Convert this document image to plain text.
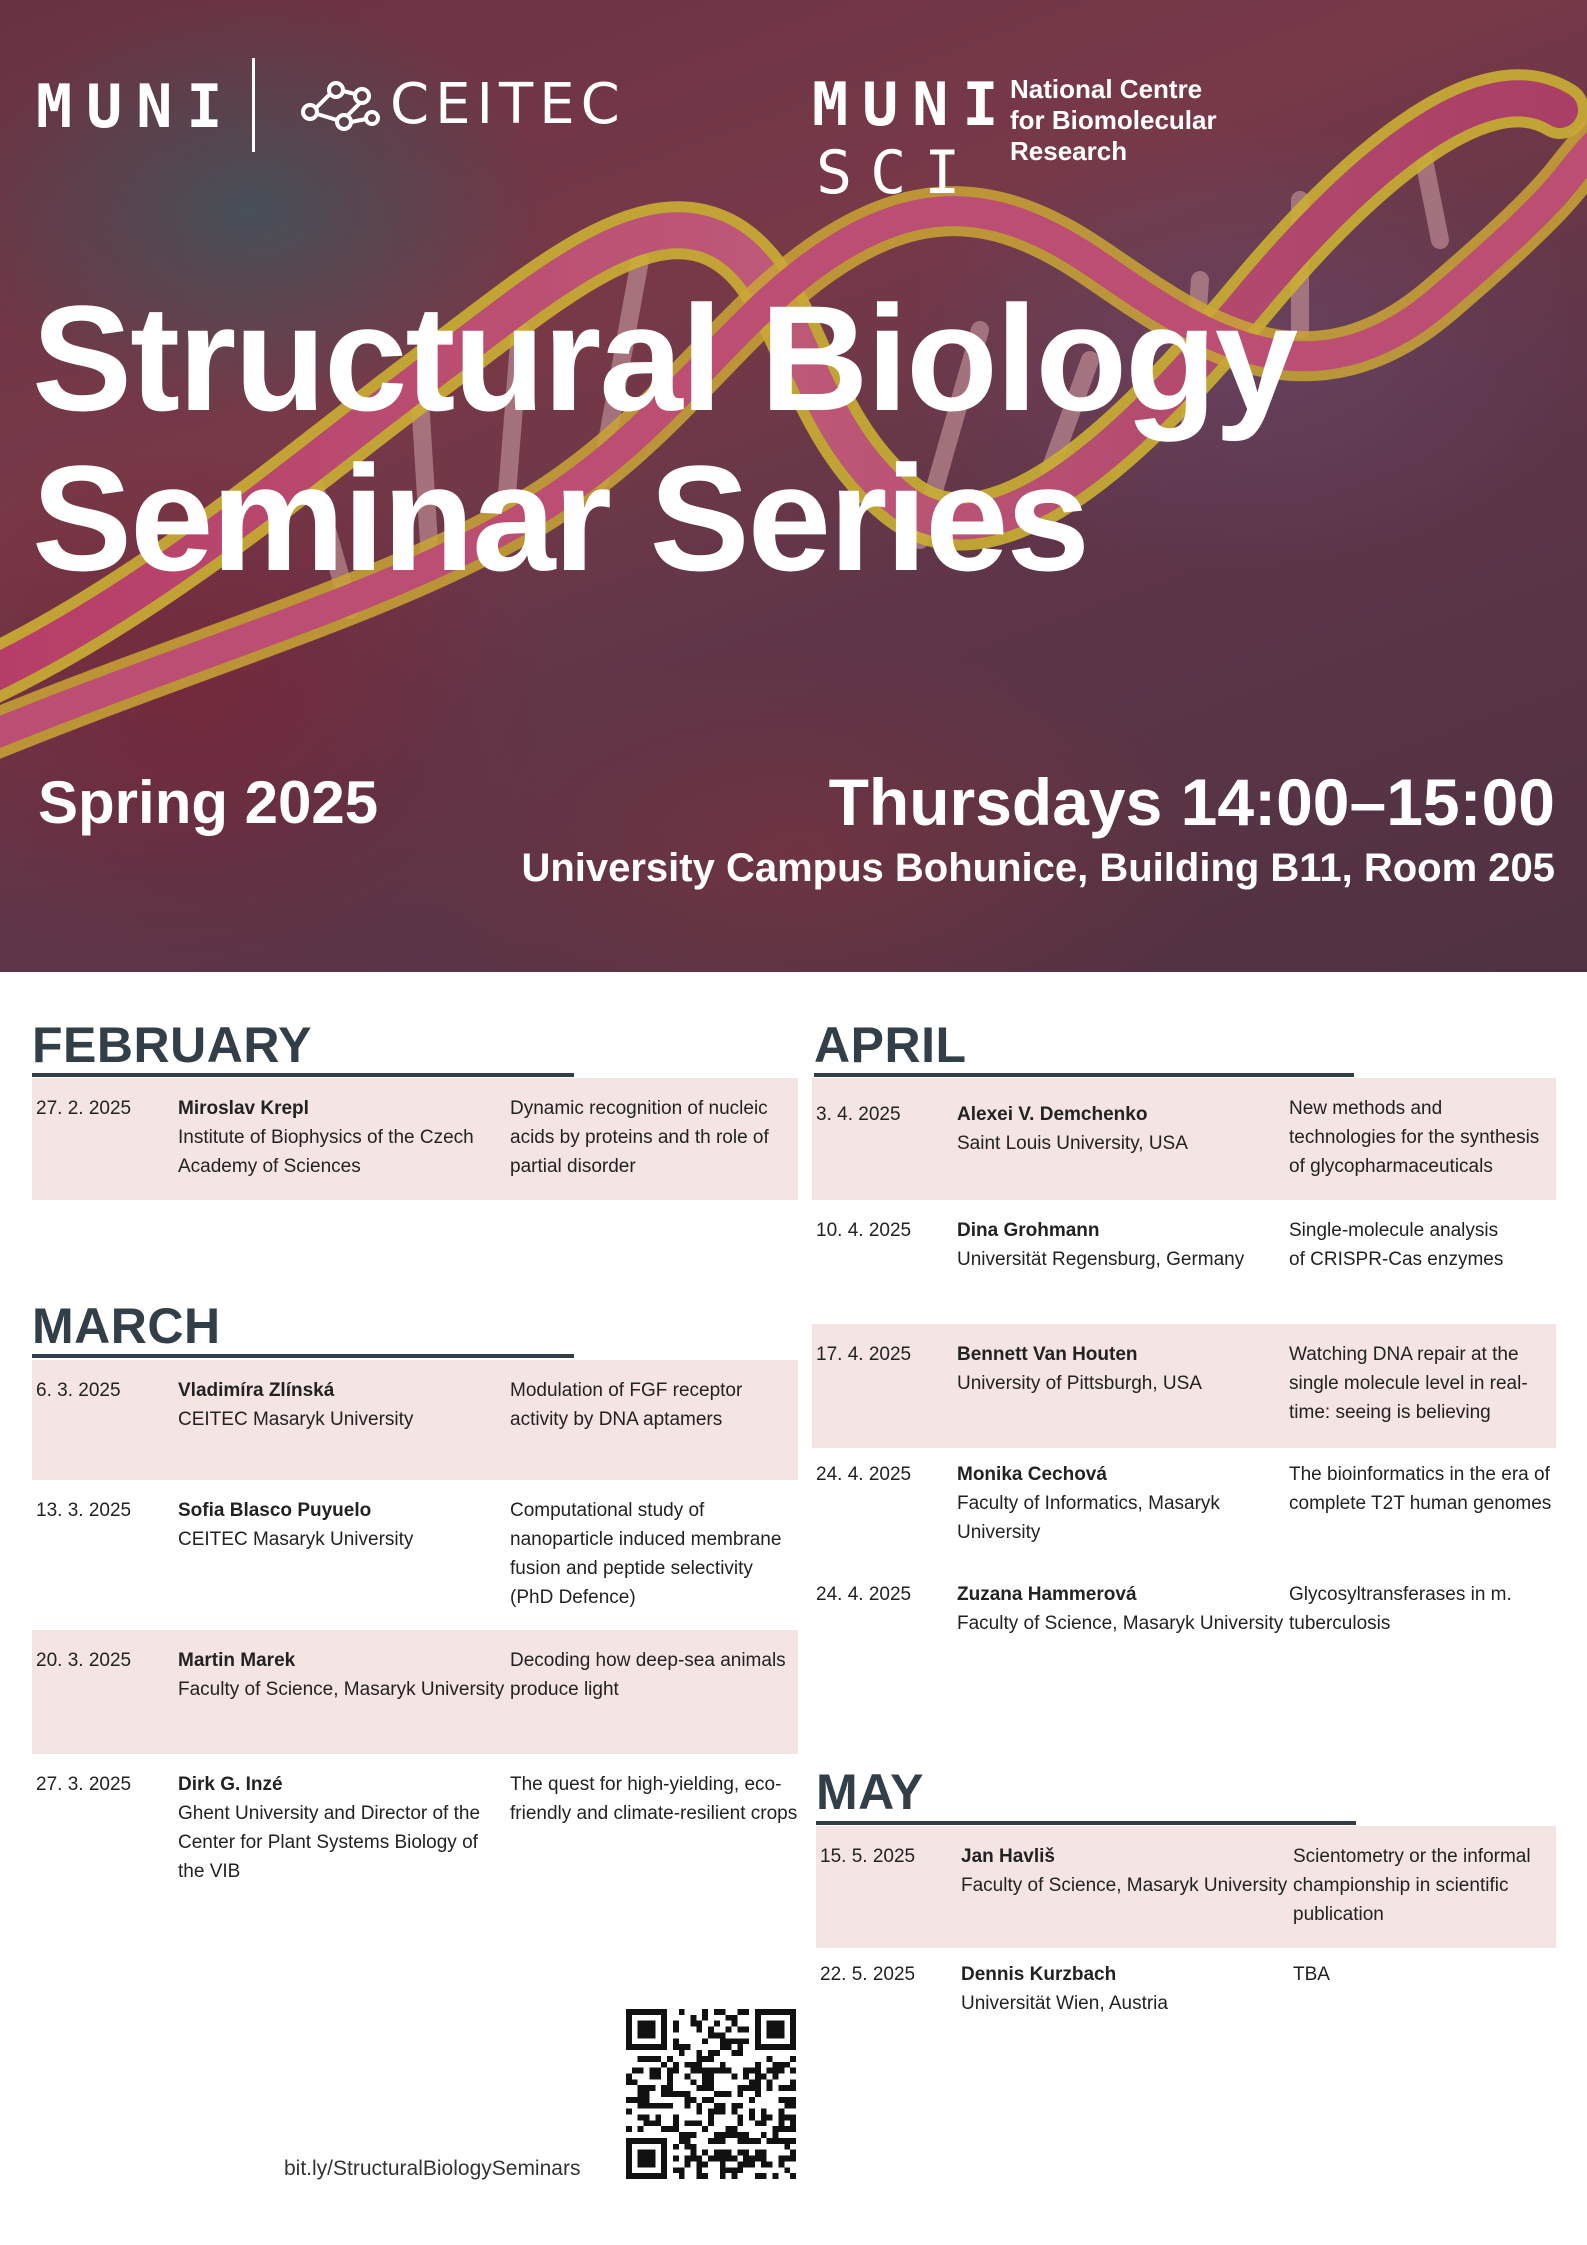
MUNI	CEITEC	MUNI
SCI
National Centre
for Biomolecular
Research
Structural Biology
Seminar Series
Spring 2025	Thursdays 14:00–15:00
University Campus Bohunice, Building B11, Room 205
FEBRUARY
27. 2. 2025 Miroslav Krepl
Institute of Biophysics of the Czech Academy of Sciences
Dynamic recognition of nucleic acids by proteins and th role of partial disorder
MARCH
6. 3. 2025	Vladimíra Zlínská
CEITEC Masaryk University
Modulation of FGF receptor activity by DNA aptamers
13. 3. 2025 Sofia Blasco Puyuelo
CEITEC Masaryk University
Computational study of nanoparticle induced membrane fusion and peptide selectivity (PhD Defence)
20. 3. 2025 Martin Marek
Faculty of Science, Masaryk University
Decoding how deep-sea animals produce light
27. 3. 2025 Dirk G. Inzé
Ghent University and Director of the Center for Plant Systems Biology of the VIB
The quest for high-yielding, eco-friendly and climate-resilient crops
APRIL
3. 4. 2025	Alexei V. Demchenko
Saint Louis University, USA
New methods and technologies for the synthesis of glycopharmaceuticals
10. 4. 2025 Dina Grohmann
Universität Regensburg, Germany
Single-molecule analysis of CRISPR-Cas enzymes
17. 4. 2025 Bennett Van Houten
University of Pittsburgh, USA
Watching DNA repair at the single molecule level in real-time: seeing is believing
24. 4. 2025 Monika Cechová
Faculty of Informatics, Masaryk University
The bioinformatics in the era of complete T2T human genomes
24. 4. 2025 Zuzana Hammerová
Faculty of Science, Masaryk University
Glycosyltransferases in m. tuberculosis
MAY
15. 5. 2025 Jan Havliš
Faculty of Science, Masaryk University
Scientometry or the informal championship in scientific publication
22. 5. 2025 Dennis Kurzbach
Universität Wien, Austria
TBA
bit.ly/StructuralBiologySeminars
